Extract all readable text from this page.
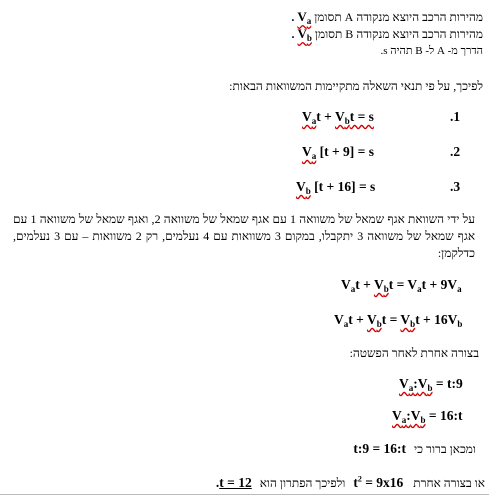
מהירות הרכב היוצא מנקודה A תסומן $V_a$ .
מהירות הרכב היוצא מנקודה B תסומן $V_b$ .
הדרך מ- A ל- B תהיה s.
לפיכך, על פי תנאי השאלה מתקיימות המשוואות הבאות:
$V_at + V_bt = s$	.1
$V_a$ [t + 9] = s	.2
$V_b$ [t + 16] = s	.3
על ידי השוואת אגף שמאל של משוואה 1 עם אגף שמאל של משוואה 2, ואגף שמאל של משוואה 1 עם אגף שמאל של משוואה 3 יתקבלו, במקום 3 משוואות עם 4 נעלמים, רק 2 משוואות – עם 3 נעלמים, כדלקמן:
$V_at + V_bt = V_at + 9V_a$
$V_at + V_bt = V_bt + 16V_b$
בצורה אחרת לאחר הפשטה:
$V_a:V_b$ = t:9
$V_a:V_b$ = 16:t
t:9 = 16:t ומכאן ברור כי
.t = 12 ולפיכך הפתרון הוא $t^2 = 9x16$ או בצורה אחרת
